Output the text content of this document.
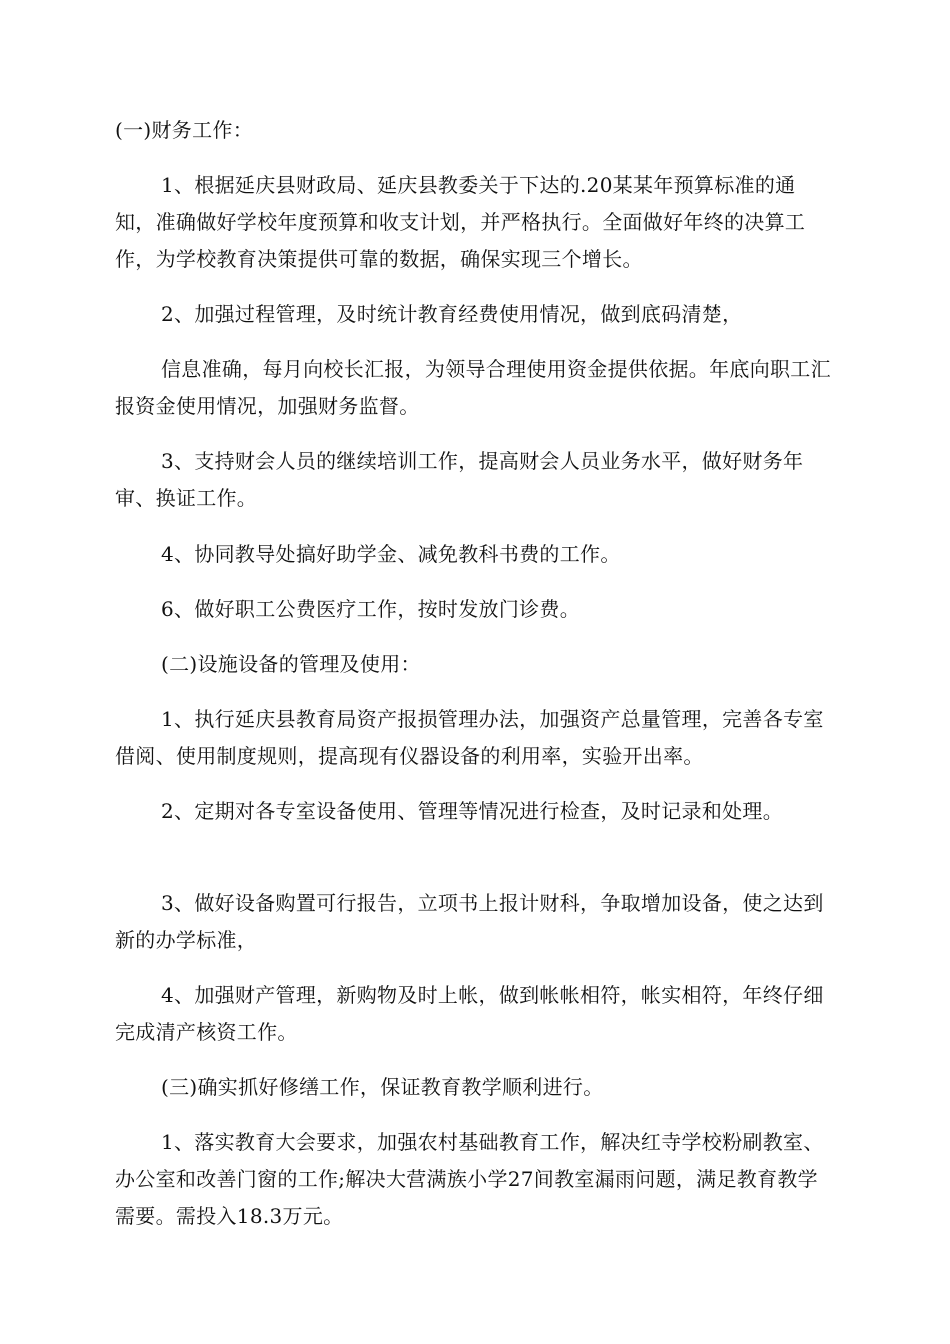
(一)财务工作：
1、根据延庆县财政局、延庆县教委关于下达的.20某某年预算标准的通知，准确做好学校年度预算和收支计划，并严格执行。全面做好年终的决算工作，为学校教育决策提供可靠的数据，确保实现三个增长。
2、加强过程管理，及时统计教育经费使用情况，做到底码清楚，
信息准确，每月向校长汇报，为领导合理使用资金提供依据。年底向职工汇报资金使用情况，加强财务监督。
3、支持财会人员的继续培训工作，提高财会人员业务水平，做好财务年审、换证工作。
4、协同教导处搞好助学金、减免教科书费的工作。
6、做好职工公费医疗工作，按时发放门诊费。
(二)设施设备的管理及使用：
1、执行延庆县教育局资产报损管理办法，加强资产总量管理，完善各专室借阅、使用制度规则，提高现有仪器设备的利用率，实验开出率。
2、定期对各专室设备使用、管理等情况进行检查，及时记录和处理。
3、做好设备购置可行报告，立项书上报计财科，争取增加设备，使之达到新的办学标准，
4、加强财产管理，新购物及时上帐，做到帐帐相符，帐实相符，年终仔细完成清产核资工作。
(三)确实抓好修缮工作，保证教育教学顺利进行。
1、落实教育大会要求，加强农村基础教育工作，解决红寺学校粉刷教室、办公室和改善门窗的工作;解决大营满族小学27间教室漏雨问题，满足教育教学需要。需投入18.3万元。
